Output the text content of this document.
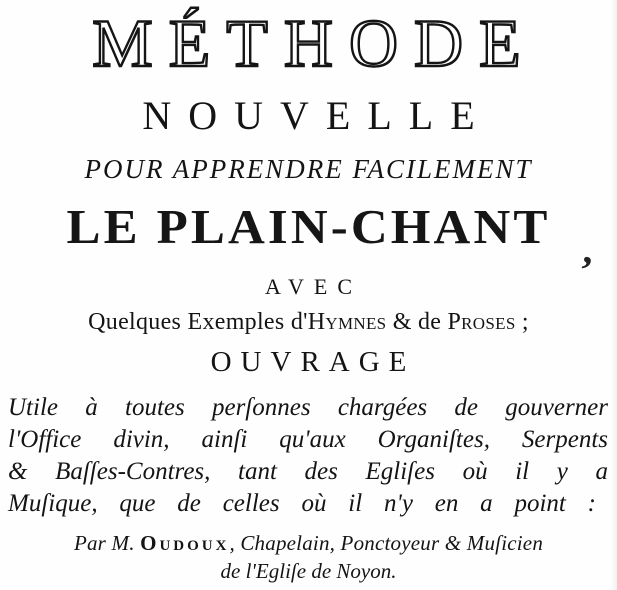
MÉTHODE
NOUVELLE
POUR APPRENDRE FACILEMENT
LE PLAIN-CHANT ,
AVEC
Quelques Exemples d'Hymnes & de Proses ;
OUVRAGE
Utile à toutes perſonnes chargées de gouverner
l'Office divin, ainſi qu'aux Organiſtes, Serpents
& Baſſes-Contres, tant des Egliſes où il y a
Muſique, que de celles où il n'y en a point :
Par M. Oudoux, Chapelain, Ponctoyeur & Muſicien
de l'Egliſe de Noyon.
